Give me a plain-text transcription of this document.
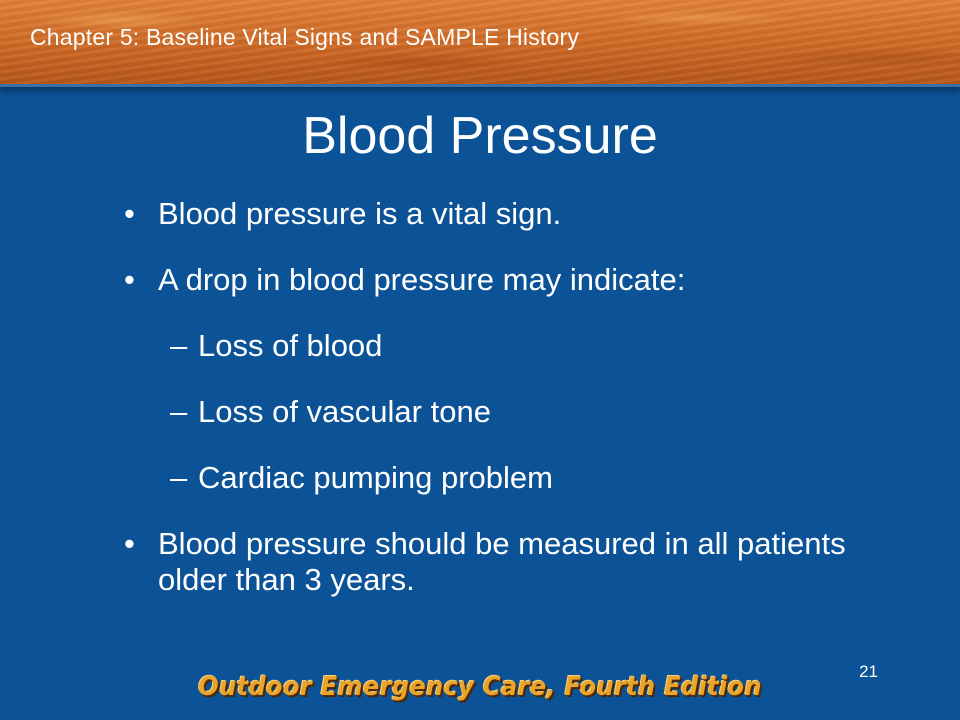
Chapter 5: Baseline Vital Signs and SAMPLE History
Blood Pressure
• Blood pressure is a vital sign.
• A drop in blood pressure may indicate:
– Loss of blood
– Loss of vascular tone
– Cardiac pumping problem
• Blood pressure should be measured in all patients older than 3 years.
21
Outdoor Emergency Care, Fourth Edition
